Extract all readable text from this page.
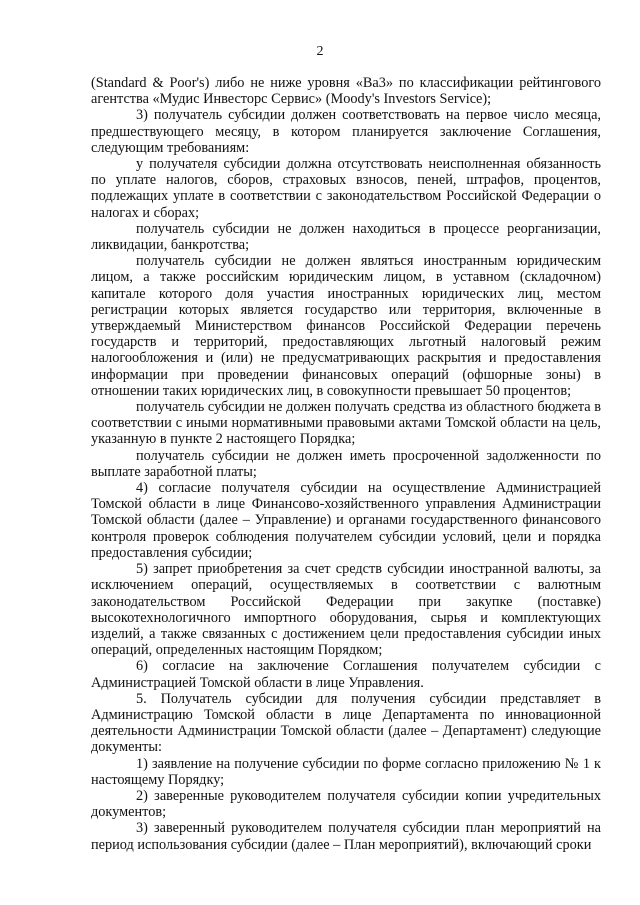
2

(Standard & Poor's) либо не ниже уровня «Ba3» по классификации рейтингового агентства «Мудис Инвесторс Сервис» (Moody's Investors Service);

3) получатель субсидии должен соответствовать на первое число месяца, предшествующего месяцу, в котором планируется заключение Соглашения, следующим требованиям:

у получателя субсидии должна отсутствовать неисполненная обязанность по уплате налогов, сборов, страховых взносов, пеней, штрафов, процентов, подлежащих уплате в соответствии с законодательством Российской Федерации о налогах и сборах;

получатель субсидии не должен находиться в процессе реорганизации, ликвидации, банкротства;

получатель субсидии не должен являться иностранным юридическим лицом, а также российским юридическим лицом, в уставном (складочном) капитале которого доля участия иностранных юридических лиц, местом регистрации которых является государство или территория, включенные в утверждаемый Министерством финансов Российской Федерации перечень государств и территорий, предоставляющих льготный налоговый режим налогообложения и (или) не предусматривающих раскрытия и предоставления информации при проведении финансовых операций (офшорные зоны) в отношении таких юридических лиц, в совокупности превышает 50 процентов;

получатель субсидии не должен получать средства из областного бюджета в соответствии с иными нормативными правовыми актами Томской области на цель, указанную в пункте 2 настоящего Порядка;

получатель субсидии не должен иметь просроченной задолженности по выплате заработной платы;

4) согласие получателя субсидии на осуществление Администрацией Томской области в лице Финансово-хозяйственного управления Администрации Томской области (далее – Управление) и органами государственного финансового контроля проверок соблюдения получателем субсидии условий, цели и порядка предоставления субсидии;

5) запрет приобретения за счет средств субсидии иностранной валюты, за исключением операций, осуществляемых в соответствии с валютным законодательством Российской Федерации при закупке (поставке) высокотехнологичного импортного оборудования, сырья и комплектующих изделий, а также связанных с достижением цели предоставления субсидии иных операций, определенных настоящим Порядком;

6) согласие на заключение Соглашения получателем субсидии с Администрацией Томской области в лице Управления.

5. Получатель субсидии для получения субсидии представляет в Администрацию Томской области в лице Департамента по инновационной деятельности Администрации Томской области (далее – Департамент) следующие документы:

1) заявление на получение субсидии по форме согласно приложению № 1 к настоящему Порядку;

2) заверенные руководителем получателя субсидии копии учредительных документов;

3) заверенный руководителем получателя субсидии план мероприятий на период использования субсидии (далее – План мероприятий), включающий сроки
